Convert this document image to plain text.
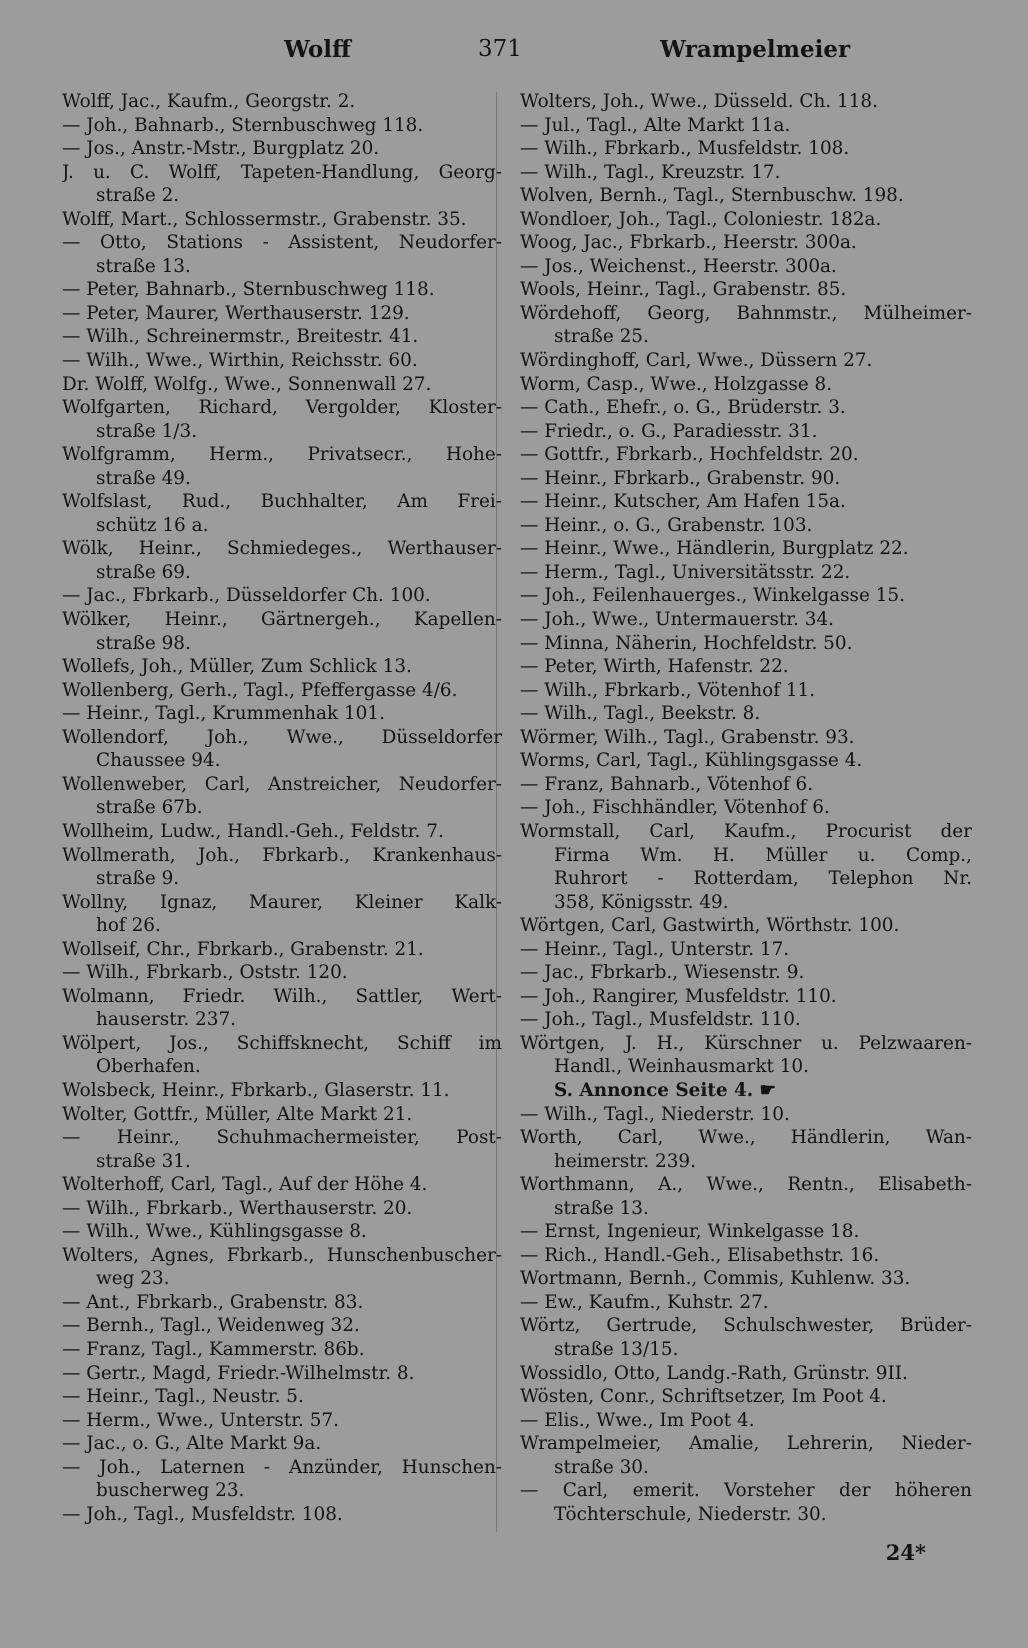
Wolff	371	Wrampelmeier
Wolff, Jac., Kaufm., Georgstr. 2.
— Joh., Bahnarb., Sternbuschweg 118.
— Jos., Anstr.-Mstr., Burgplatz 20.
J. u. C. Wolff, Tapeten-Handlung, Georg-
straße 2.
Wolff, Mart., Schlossermstr., Grabenstr. 35.
— Otto, Stations - Assistent, Neudorfer-
straße 13.
— Peter, Bahnarb., Sternbuschweg 118.
— Peter, Maurer, Werthauserstr. 129.
— Wilh., Schreinermstr., Breitestr. 41.
— Wilh., Wwe., Wirthin, Reichsstr. 60.
Dr. Wolff, Wolfg., Wwe., Sonnenwall 27.
Wolfgarten, Richard, Vergolder, Kloster-
straße 1/3.
Wolfgramm, Herm., Privatsecr., Hohe-
straße 49.
Wolfslast, Rud., Buchhalter, Am Frei-
schütz 16 a.
Wölk, Heinr., Schmiedeges., Werthauser-
straße 69.
— Jac., Fbrkarb., Düsseldorfer Ch. 100.
Wölker, Heinr., Gärtnergeh., Kapellen-
straße 98.
Wollefs, Joh., Müller, Zum Schlick 13.
Wollenberg, Gerh., Tagl., Pfeffergasse 4/6.
— Heinr., Tagl., Krummenhak 101.
Wollendorf, Joh., Wwe., Düsseldorfer
Chaussee 94.
Wollenweber, Carl, Anstreicher, Neudorfer-
straße 67b.
Wollheim, Ludw., Handl.-Geh., Feldstr. 7.
Wollmerath, Joh., Fbrkarb., Krankenhaus-
straße 9.
Wollny, Ignaz, Maurer, Kleiner Kalk-
hof 26.
Wollseif, Chr., Fbrkarb., Grabenstr. 21.
— Wilh., Fbrkarb., Oststr. 120.
Wolmann, Friedr. Wilh., Sattler, Wert-
hauserstr. 237.
Wölpert, Jos., Schiffsknecht, Schiff im
Oberhafen.
Wolsbeck, Heinr., Fbrkarb., Glaserstr. 11.
Wolter, Gottfr., Müller, Alte Markt 21.
— Heinr., Schuhmachermeister, Post-
straße 31.
Wolterhoff, Carl, Tagl., Auf der Höhe 4.
— Wilh., Fbrkarb., Werthauserstr. 20.
— Wilh., Wwe., Kühlingsgasse 8.
Wolters, Agnes, Fbrkarb., Hunschenbuscher-
weg 23.
— Ant., Fbrkarb., Grabenstr. 83.
— Bernh., Tagl., Weidenweg 32.
— Franz, Tagl., Kammerstr. 86b.
— Gertr., Magd, Friedr.-Wilhelmstr. 8.
— Heinr., Tagl., Neustr. 5.
— Herm., Wwe., Unterstr. 57.
— Jac., o. G., Alte Markt 9a.
— Joh., Laternen - Anzünder, Hunschen-
buscherweg 23.
— Joh., Tagl., Musfeldstr. 108.
Wolters, Joh., Wwe., Düsseld. Ch. 118.
— Jul., Tagl., Alte Markt 11a.
— Wilh., Fbrkarb., Musfeldstr. 108.
— Wilh., Tagl., Kreuzstr. 17.
Wolven, Bernh., Tagl., Sternbuschw. 198.
Wondloer, Joh., Tagl., Coloniestr. 182a.
Woog, Jac., Fbrkarb., Heerstr. 300a.
— Jos., Weichenst., Heerstr. 300a.
Wools, Heinr., Tagl., Grabenstr. 85.
Wördehoff, Georg, Bahnmstr., Mülheimer-
straße 25.
Wördinghoff, Carl, Wwe., Düssern 27.
Worm, Casp., Wwe., Holzgasse 8.
— Cath., Ehefr., o. G., Brüderstr. 3.
— Friedr., o. G., Paradiesstr. 31.
— Gottfr., Fbrkarb., Hochfeldstr. 20.
— Heinr., Fbrkarb., Grabenstr. 90.
— Heinr., Kutscher, Am Hafen 15a.
— Heinr., o. G., Grabenstr. 103.
— Heinr., Wwe., Händlerin, Burgplatz 22.
— Herm., Tagl., Universitätsstr. 22.
— Joh., Feilenhauerges., Winkelgasse 15.
— Joh., Wwe., Untermauerstr. 34.
— Minna, Näherin, Hochfeldstr. 50.
— Peter, Wirth, Hafenstr. 22.
— Wilh., Fbrkarb., Vötenhof 11.
— Wilh., Tagl., Beekstr. 8.
Wörmer, Wilh., Tagl., Grabenstr. 93.
Worms, Carl, Tagl., Kühlingsgasse 4.
— Franz, Bahnarb., Vötenhof 6.
— Joh., Fischhändler, Vötenhof 6.
Wormstall, Carl, Kaufm., Procurist der
Firma Wm. H. Müller u. Comp.,
Ruhrort - Rotterdam, Telephon Nr.
358, Königsstr. 49.
Wörtgen, Carl, Gastwirth, Wörthstr. 100.
— Heinr., Tagl., Unterstr. 17.
— Jac., Fbrkarb., Wiesenstr. 9.
— Joh., Rangirer, Musfeldstr. 110.
— Joh., Tagl., Musfeldstr. 110.
Wörtgen, J. H., Kürschner u. Pelzwaaren-
Handl., Weinhausmarkt 10.
S. Annonce Seite 4. ☛
— Wilh., Tagl., Niederstr. 10.
Worth, Carl, Wwe., Händlerin, Wan-
heimerstr. 239.
Worthmann, A., Wwe., Rentn., Elisabeth-
straße 13.
— Ernst, Ingenieur, Winkelgasse 18.
— Rich., Handl.-Geh., Elisabethstr. 16.
Wortmann, Bernh., Commis, Kuhlenw. 33.
— Ew., Kaufm., Kuhstr. 27.
Wörtz, Gertrude, Schulschwester, Brüder-
straße 13/15.
Wossidlo, Otto, Landg.-Rath, Grünstr. 9II.
Wösten, Conr., Schriftsetzer, Im Poot 4.
— Elis., Wwe., Im Poot 4.
Wrampelmeier, Amalie, Lehrerin, Nieder-
straße 30.
— Carl, emerit. Vorsteher der höheren
Töchterschule, Niederstr. 30.
24*
